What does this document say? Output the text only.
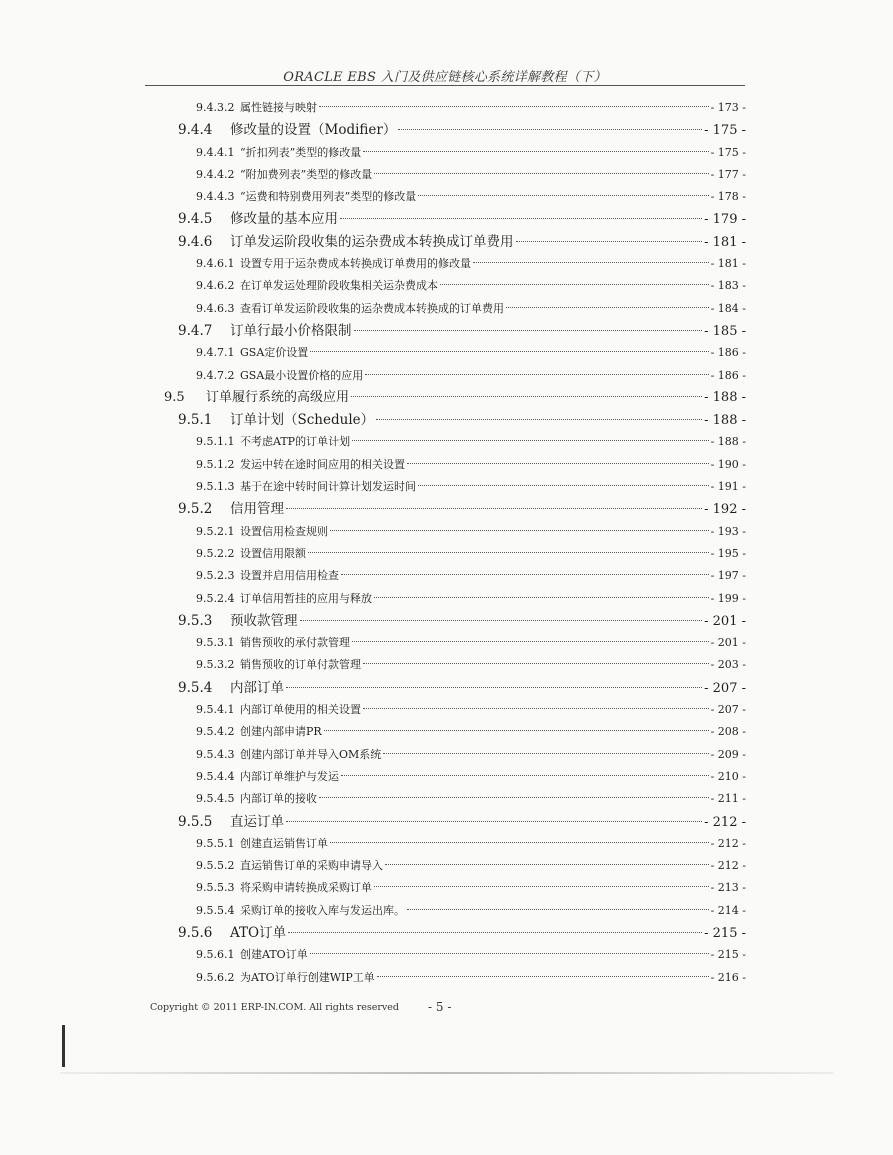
ORACLE EBS 入门及供应链核心系统详解教程（下）
9.4.3.2 属性链接与映射	- 173 -
9.4.4	修改量的设置（Modifier）	- 175 -
9.4.4.1 “折扣列表”类型的修改量	- 175 -
9.4.4.2 “附加费列表”类型的修改量	- 177 -
9.4.4.3 “运费和特别费用列表”类型的修改量	- 178 -
9.4.5	修改量的基本应用	- 179 -
9.4.6	订单发运阶段收集的运杂费成本转换成订单费用	- 181 -
9.4.6.1 设置专用于运杂费成本转换成订单费用的修改量	- 181 -
9.4.6.2 在订单发运处理阶段收集相关运杂费成本	- 183 -
9.4.6.3 查看订单发运阶段收集的运杂费成本转换成的订单费用	- 184 -
9.4.7	订单行最小价格限制	- 185 -
9.4.7.1 GSA定价设置	- 186 -
9.4.7.2 GSA最小设置价格的应用	- 186 -
9.5	订单履行系统的高级应用	- 188 -
9.5.1	订单计划（Schedule）	- 188 -
9.5.1.1 不考虑ATP的订单计划	- 188 -
9.5.1.2 发运中转在途时间应用的相关设置	- 190 -
9.5.1.3 基于在途中转时间计算计划发运时间	- 191 -
9.5.2	信用管理	- 192 -
9.5.2.1 设置信用检查规则	- 193 -
9.5.2.2 设置信用限额	- 195 -
9.5.2.3 设置并启用信用检查	- 197 -
9.5.2.4 订单信用暂挂的应用与释放	- 199 -
9.5.3	预收款管理	- 201 -
9.5.3.1 销售预收的承付款管理	- 201 -
9.5.3.2 销售预收的订单付款管理	- 203 -
9.5.4	内部订单	- 207 -
9.5.4.1 内部订单使用的相关设置	- 207 -
9.5.4.2 创建内部申请PR	- 208 -
9.5.4.3 创建内部订单并导入OM系统	- 209 -
9.5.4.4 内部订单维护与发运	- 210 -
9.5.4.5 内部订单的接收	- 211 -
9.5.5	直运订单	- 212 -
9.5.5.1 创建直运销售订单	- 212 -
9.5.5.2 直运销售订单的采购申请导入	- 212 -
9.5.5.3 将采购申请转换成采购订单	- 213 -
9.5.5.4 采购订单的接收入库与发运出库。	- 214 -
9.5.6	ATO订单	- 215 -
9.5.6.1 创建ATO订单	- 215 -
9.5.6.2 为ATO订单行创建WIP工单	- 216 -
Copyright © 2011 ERP-IN.COM. All rights reserved - 5 -
